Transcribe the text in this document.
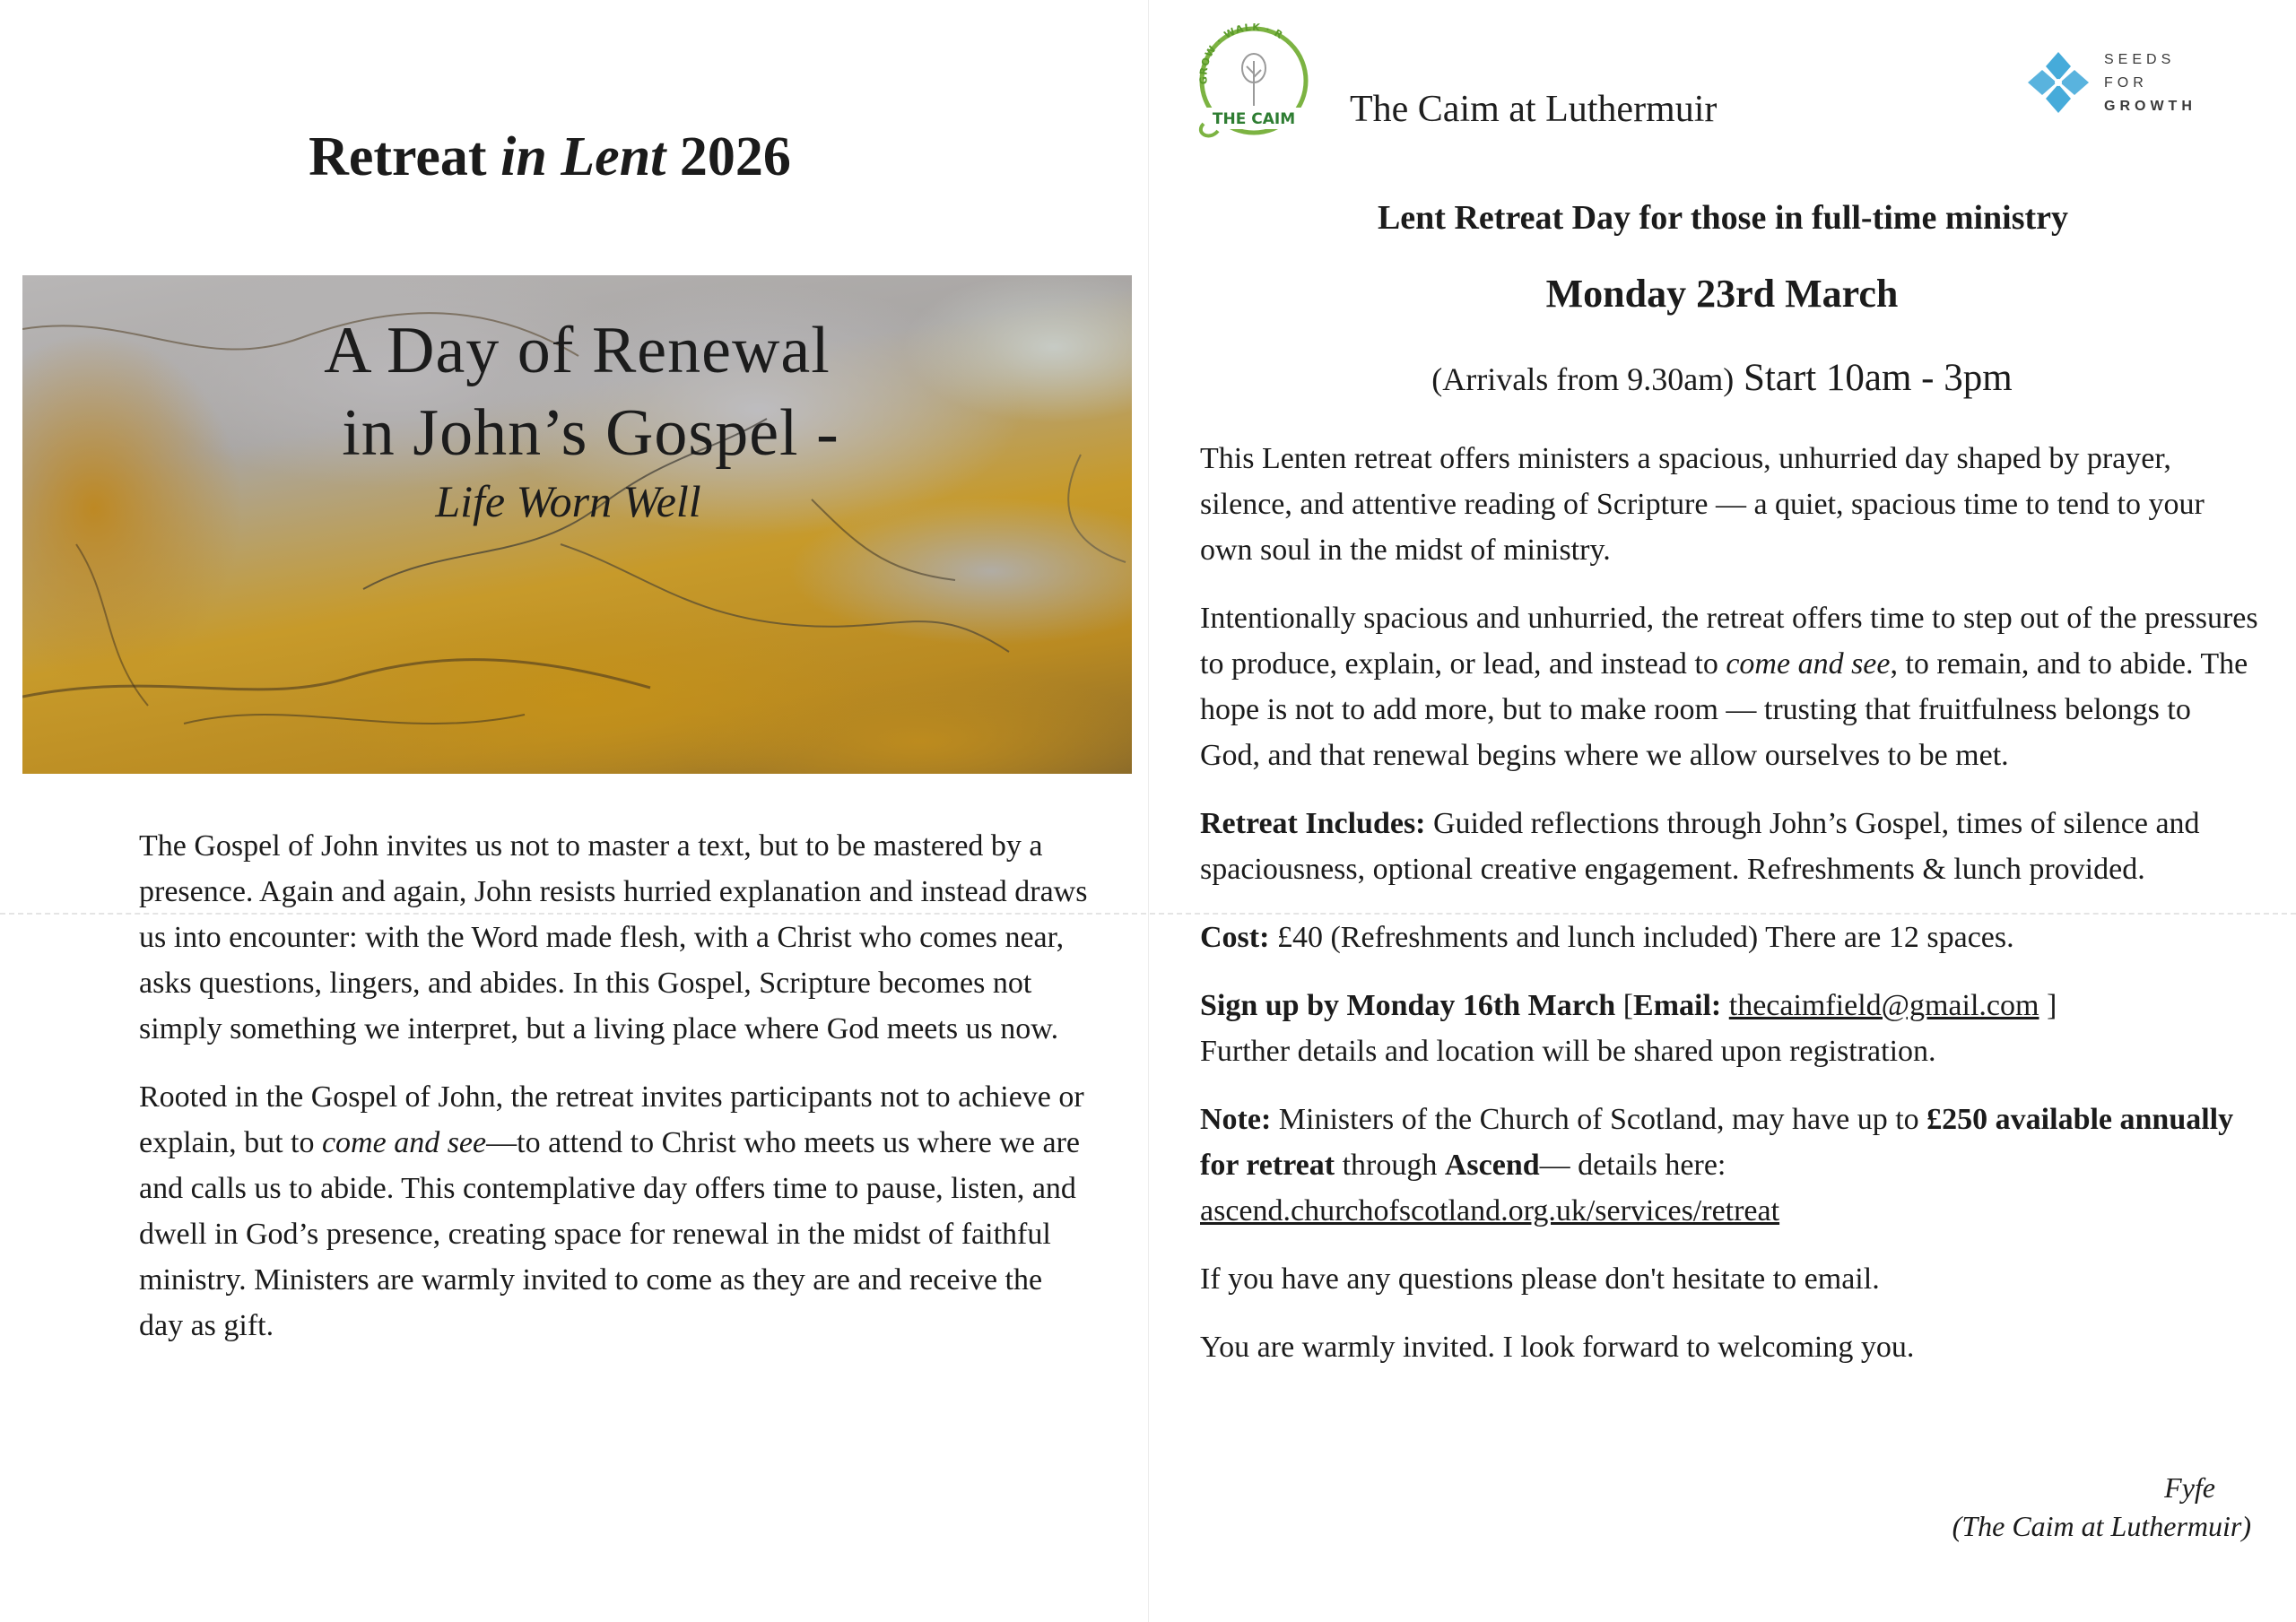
Retreat in Lent 2026
A Day of Renewal
in John’s Gospel -
Life Worn Well

The Gospel of John invites us not to master a text, but to be mastered by a presence. Again and again, John resists hurried explanation and instead draws us into encounter: with the Word made flesh, with a Christ who comes near, asks questions, lingers, and abides. In this Gospel, Scripture becomes not simply something we interpret, but a living place where God meets us now.

Rooted in the Gospel of John, the retreat invites participants not to achieve or explain, but to come and see—to attend to Christ who meets us where we are and calls us to abide. This contemplative day offers time to pause, listen, and dwell in God’s presence, creating space for renewal in the midst of faithful ministry. Ministers are warmly invited to come as they are and receive the day as gift.

GROW · WALK · R
THE CAIM The Caim at Luthermuir
SEEDS
FOR
GROWTH
Lent Retreat Day for those in full-time ministry
Monday 23rd March
(Arrivals from 9.30am) Start 10am - 3pm

This Lenten retreat offers ministers a spacious, unhurried day shaped by prayer, silence, and attentive reading of Scripture — a quiet, spacious time to tend to your own soul in the midst of ministry.

Intentionally spacious and unhurried, the retreat offers time to step out of the pressures to produce, explain, or lead, and instead to come and see, to remain, and to abide. The hope is not to add more, but to make room — trusting that fruitfulness belongs to God, and that renewal begins where we allow ourselves to be met.

Retreat Includes: Guided reflections through John’s Gospel, times of silence and spaciousness, optional creative engagement. Refreshments & lunch provided.

Cost: £40 (Refreshments and lunch included) There are 12 spaces.

Sign up by Monday 16th March [Email: thecaimfield@gmail.com ]
Further details and location will be shared upon registration.

Note: Ministers of the Church of Scotland, may have up to £250 available annually for retreat through Ascend— details here:
ascend.churchofscotland.org.uk/services/retreat

If you have any questions please don't hesitate to email.

You are warmly invited. I look forward to welcoming you.

Fyfe
(The Caim at Luthermuir)
